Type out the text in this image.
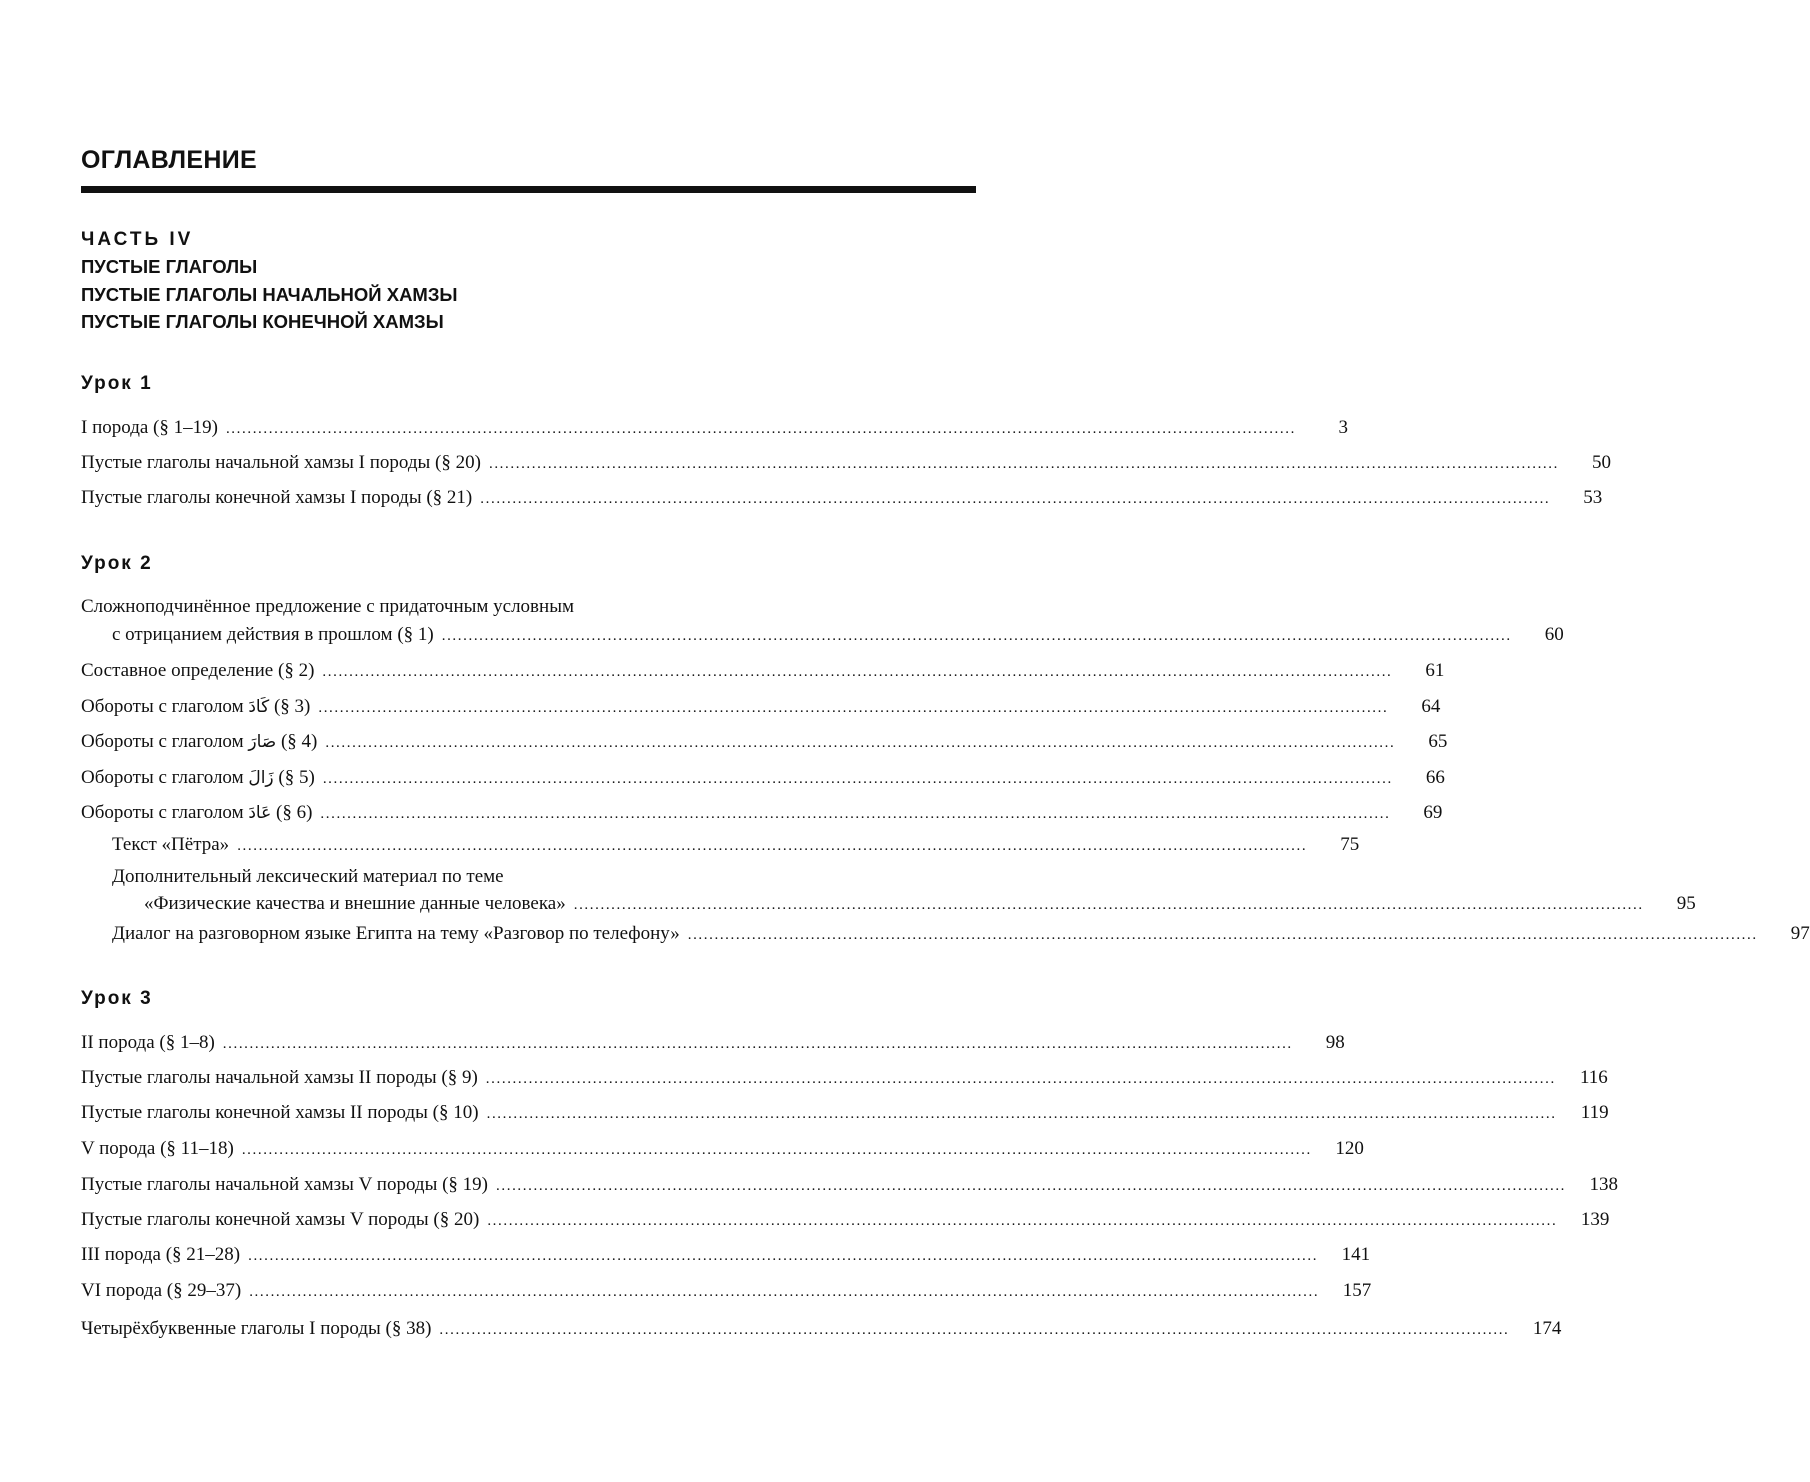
ОГЛАВЛЕНИЕ
ЧАСТЬ IV
ПУСТЫЕ ГЛАГОЛЫ
ПУСТЫЕ ГЛАГОЛЫ НАЧАЛЬНОЙ ХАМЗЫ
ПУСТЫЕ ГЛАГОЛЫ КОНЕЧНОЙ ХАМЗЫ
Урок 1
I порода (§ 1–19) ........................................................................................................................................................................................................	3
Пустые глаголы начальной хамзы I породы (§ 20) ........................................................................................................................................................................................................	50
Пустые глаголы конечной хамзы I породы (§ 21) ........................................................................................................................................................................................................	53
Урок 2
Сложноподчинённое предложение с придаточным условным
с отрицанием действия в прошлом (§ 1) ........................................................................................................................................................................................................	60
Составное определение (§ 2) ........................................................................................................................................................................................................	61
Обороты с глаголом كَادَ (§ 3) ........................................................................................................................................................................................................	64
Обороты с глаголом صَارَ (§ 4) ........................................................................................................................................................................................................	65
Обороты с глаголом زَالَ (§ 5) ........................................................................................................................................................................................................	66
Обороты с глаголом عَادَ (§ 6) ........................................................................................................................................................................................................	69
Текст «Пётра» ........................................................................................................................................................................................................	75
Дополнительный лексический материал по теме
«Физические качества и внешние данные человека» ........................................................................................................................................................................................................	95
Диалог на разговорном языке Египта на тему «Разговор по телефону» ........................................................................................................................................................................................................	97
Урок 3
II порода (§ 1–8) ........................................................................................................................................................................................................	98
Пустые глаголы начальной хамзы II породы (§ 9) ........................................................................................................................................................................................................	116
Пустые глаголы конечной хамзы II породы (§ 10) ........................................................................................................................................................................................................	119
V порода (§ 11–18) ........................................................................................................................................................................................................	120
Пустые глаголы начальной хамзы V породы (§ 19) ........................................................................................................................................................................................................	138
Пустые глаголы конечной хамзы V породы (§ 20) ........................................................................................................................................................................................................	139
III порода (§ 21–28) ........................................................................................................................................................................................................	141
VI порода (§ 29–37) ........................................................................................................................................................................................................	157
Четырёхбуквенные глаголы I породы (§ 38) ........................................................................................................................................................................................................	174
